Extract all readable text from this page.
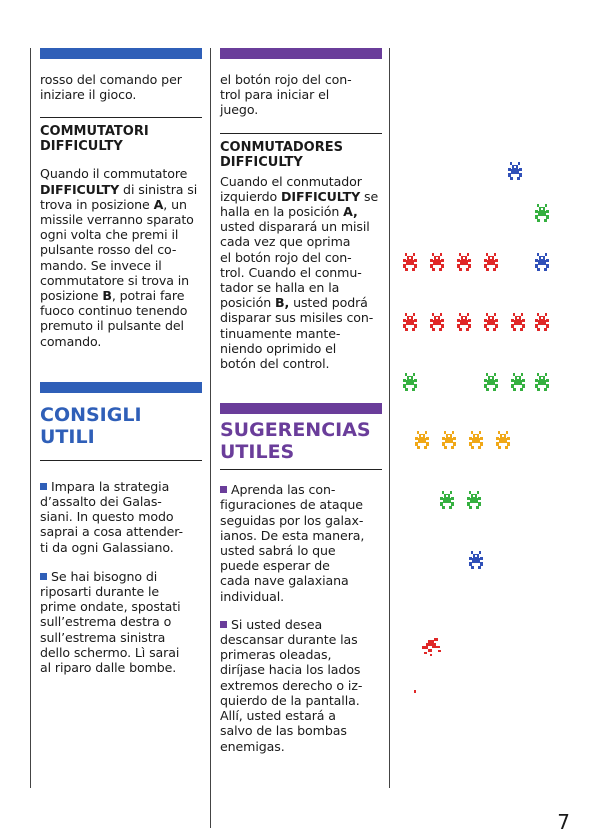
rosso del comando per
iniziare il gioco.
COMMUTATORI
DIFFICULTY
Quando il commutatore
DIFFICULTY di sinistra si
trova in posizione A, un
missile verranno sparato
ogni volta che premi il
pulsante rosso del co-
mando. Se invece il
commutatore si trova in
posizione B, potrai fare
fuoco continuo tenendo
premuto il pulsante del
comando.
CONSIGLI UTILI
Impara la strategia
d’assalto dei Galas-
siani. In questo modo
saprai a cosa attender-
ti da ogni Galassiano.
Se hai bisogno di
riposarti durante le
prime ondate, spostati
sull’estrema destra o
sull’estrema sinistra
dello schermo. Lì sarai
al riparo dalle bombe.
el botón rojo del con-
trol para iniciar el
juego.
CONMUTADORES
DIFFICULTY
Cuando el conmutador
izquierdo DIFFICULTY se
halla en la posición A,
usted disparará un misil
cada vez que oprima
el botón rojo del con-
trol. Cuando el conmu-
tador se halla en la
posición B, usted podrá
disparar sus misiles con-
tinuamente mante-
niendo oprimido el
botón del control.
SUGERENCIAS
UTILES
Aprenda las con-
figuraciones de ataque
seguidas por los galax-
ianos. De esta manera,
usted sabrá lo que
puede esperar de
cada nave galaxiana
individual.
Si usted desea
descansar durante las
primeras oleadas,
diríjase hacia los lados
extremos derecho o iz-
quierdo de la pantalla.
Allí, usted estará a
salvo de las bombas
enemigas.
7
